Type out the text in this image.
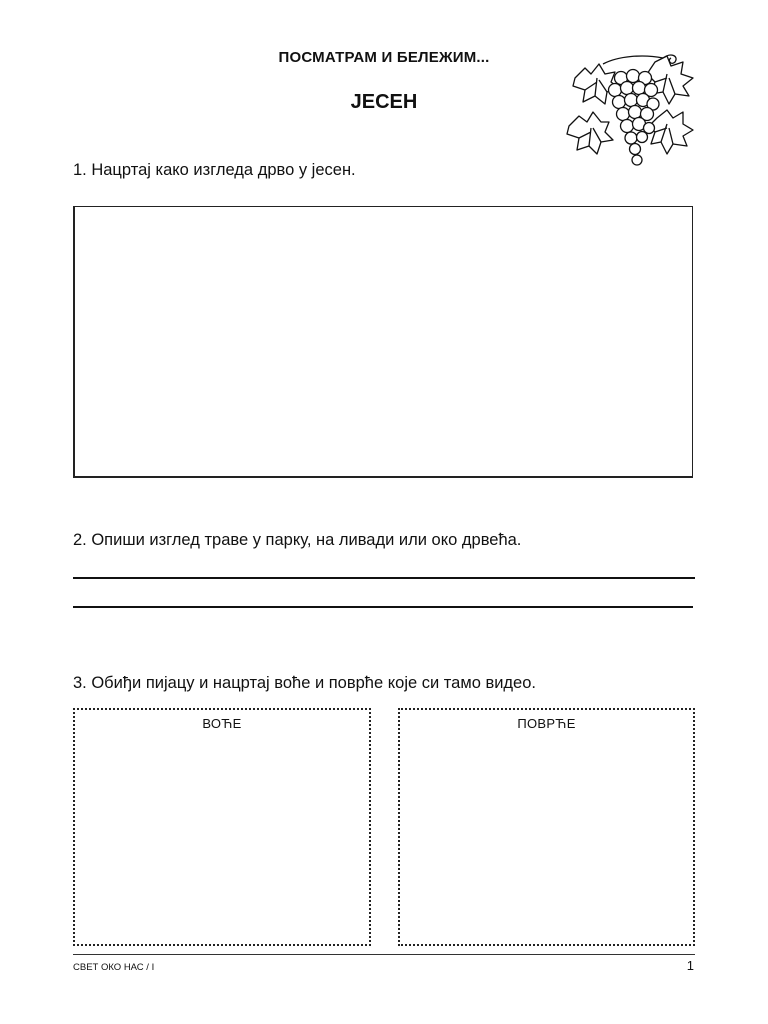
ПОСМАТРАМ И БЕЛЕЖИМ...
ЈЕСЕН
1. Нацртај како изгледа дрво у јесен.
2. Опиши изглед траве у парку, на ливади или око дрвећа.
3. Обиђи пијацу и нацртај воће и поврће које си тамо видео.
ВОЋЕ	ПОВРЋЕ
СВЕТ ОКО НАС / I	1
